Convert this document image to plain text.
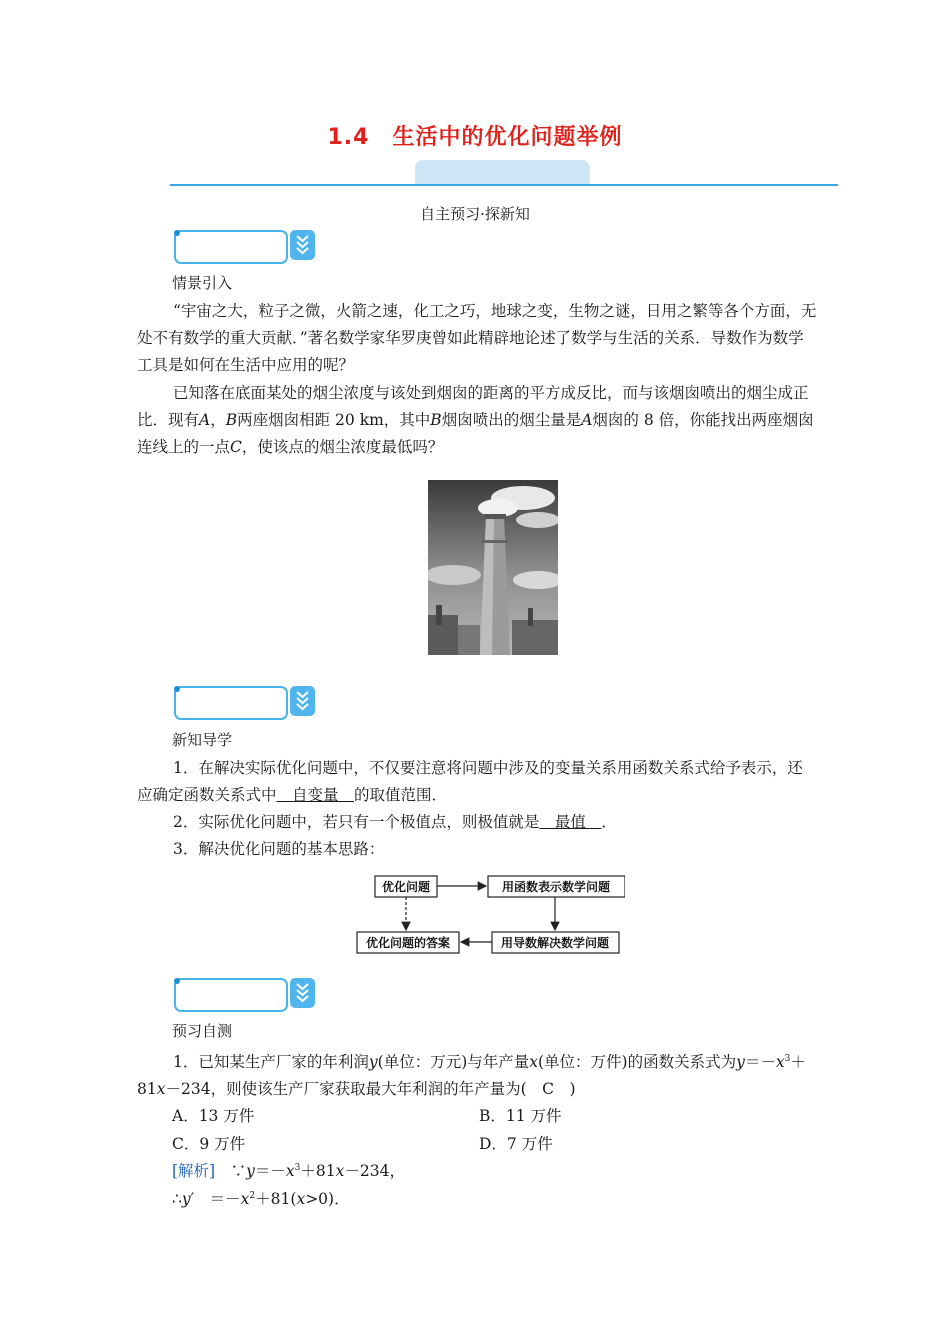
1.4　生活中的优化问题举例
自主预习·探新知
情景引入

“宇宙之大，粒子之微，火箭之速，化工之巧，地球之变，生物之谜，日用之繁等各个方面，无处不有数学的重大贡献．”著名数学家华罗庚曾如此精辟地论述了数学与生活的关系．导数作为数学工具是如何在生活中应用的呢？

已知落在底面某处的烟尘浓度与该处到烟囱的距离的平方成反比，而与该烟囱喷出的烟尘成正比．现有A，B两座烟囱相距 20 km，其中B烟囱喷出的烟尘量是A烟囱的 8 倍，你能找出两座烟囱连线上的一点C，使该点的烟尘浓度最低吗？

新知导学

1．在解决实际优化问题中，不仅要注意将问题中涉及的变量关系用函数关系式给予表示，还应确定函数关系式中　自变量　的取值范围．

2．实际优化问题中，若只有一个极值点，则极值就是　最值　．

3．解决优化问题的基本思路：

优化问题	用函数表示数学问题
用导数解决数学问题
优化问题的答案
预习自测

1．已知某生产厂家的年利润y(单位：万元)与年产量x(单位：万件)的函数关系式为$y=-x^3+81x-234$，则使该生产厂家获取最大年利润的年产量为(　C　)

A．13 万件	B．11 万件
C．9 万件	D．7 万件
[解析]　 $\because y=-x^3+81x-234$，
∴y′　$=-x^2+81(x>0)$．
